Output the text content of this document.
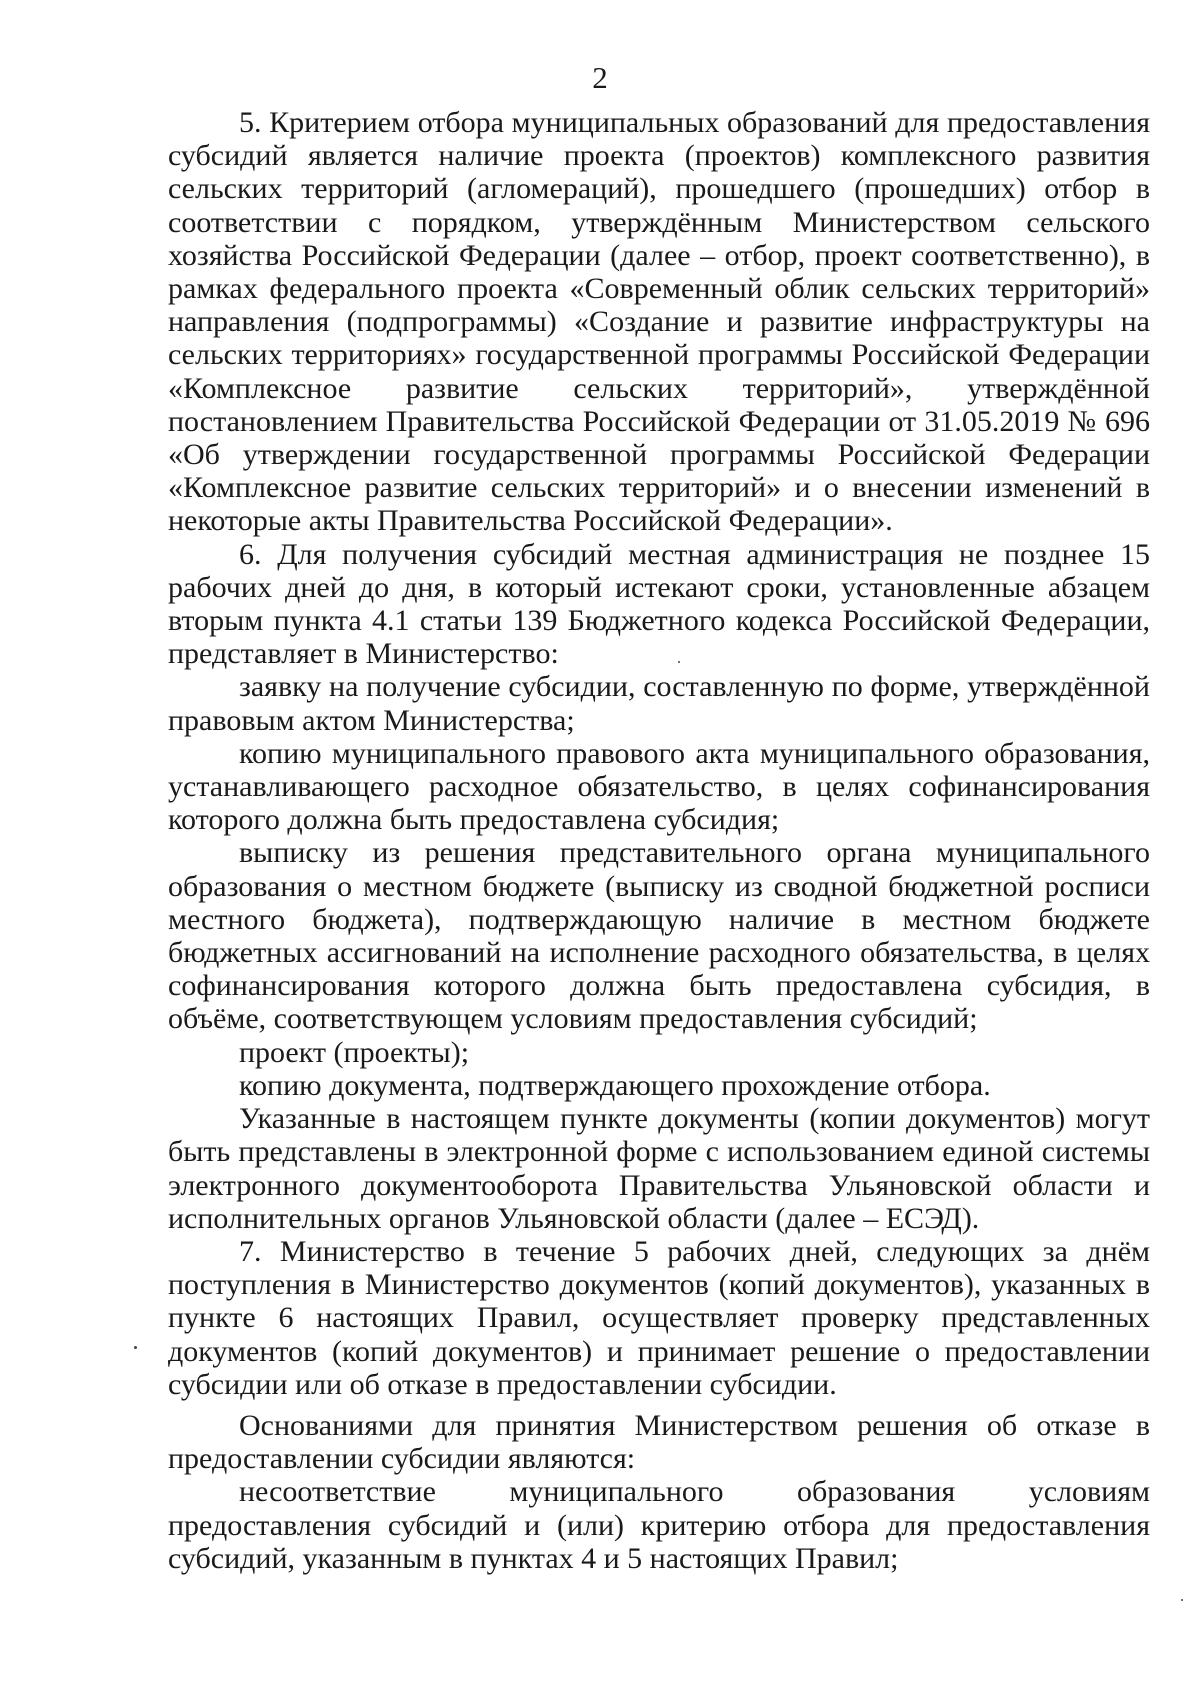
2

5. Критерием отбора муниципальных образований для предоставления субсидий является наличие проекта (проектов) комплексного развития сельских территорий (агломераций), прошедшего (прошедших) отбор в соответствии с порядком, утверждённым Министерством сельского хозяйства Российской Федерации (далее – отбор, проект соответственно), в рамках федерального проекта «Современный облик сельских территорий» направления (подпрограммы) «Создание и развитие инфраструктуры на сельских территориях» государственной программы Российской Федерации «Комплексное развитие сельских территорий», утверждённой постановлением Правительства Российской Федерации от 31.05.2019 № 696 «Об утверждении государственной программы Российской Федерации «Комплексное развитие сельских территорий» и о внесении изменений в некоторые акты Правительства Российской Федерации».

6. Для получения субсидий местная администрация не позднее 15 рабочих дней до дня, в который истекают сроки, установленные абзацем вторым пункта 4.1 статьи 139 Бюджетного кодекса Российской Федерации, представляет в Министерство:

заявку на получение субсидии, составленную по форме, утверждённой правовым актом Министерства;

копию муниципального правового акта муниципального образования, устанавливающего расходное обязательство, в целях софинансирования которого должна быть предоставлена субсидия;

выписку из решения представительного органа муниципального образования о местном бюджете (выписку из сводной бюджетной росписи местного бюджета), подтверждающую наличие в местном бюджете бюджетных ассигнований на исполнение расходного обязательства, в целях софинансирования которого должна быть предоставлена субсидия, в объёме, соответствующем условиям предоставления субсидий;

проект (проекты);

копию документа, подтверждающего прохождение отбора.

Указанные в настоящем пункте документы (копии документов) могут быть представлены в электронной форме с использованием единой системы электронного документооборота Правительства Ульяновской области и исполнительных органов Ульяновской области (далее – ЕСЭД).

7. Министерство в течение 5 рабочих дней, следующих за днём поступления в Министерство документов (копий документов), указанных в пункте 6 настоящих Правил, осуществляет проверку представленных документов (копий документов) и принимает решение о предоставлении субсидии или об отказе в предоставлении субсидии.

Основаниями для принятия Министерством решения об отказе в предоставлении субсидии являются:

несоответствие муниципального образования условиям предоставления субсидий и (или) критерию отбора для предоставления субсидий, указанным в пунктах 4 и 5 настоящих Правил;
